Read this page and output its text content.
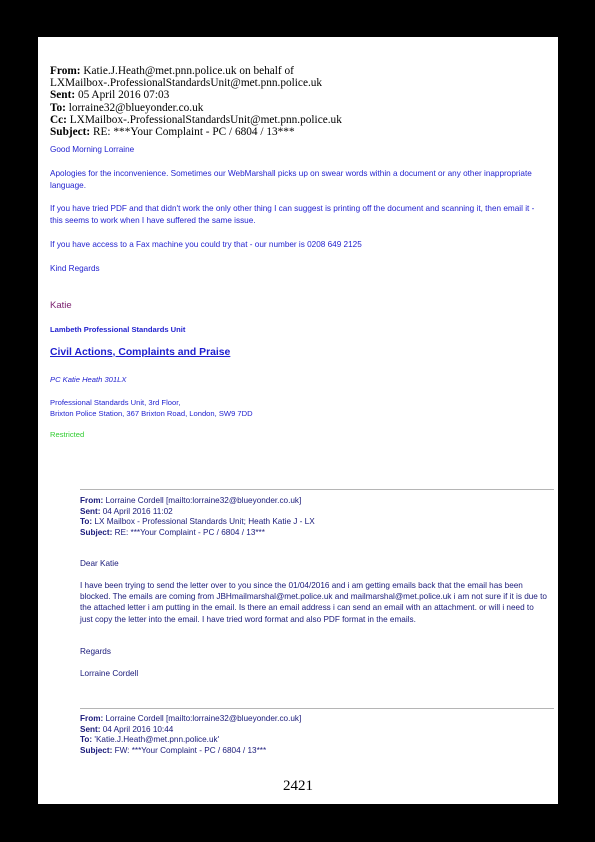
From: Katie.J.Heath@met.pnn.police.uk on behalf of
LXMailbox-.ProfessionalStandardsUnit@met.pnn.police.uk
Sent: 05 April 2016 07:03
To: lorraine32@blueyonder.co.uk
Cc: LXMailbox-.ProfessionalStandardsUnit@met.pnn.police.uk
Subject: RE: ***Your Complaint - PC / 6804 / 13***
Good Morning Lorraine
Apologies for the inconvenience. Sometimes our WebMarshall picks up on swear words within a document or any other inappropriate language.
If you have tried PDF and that didn't work the only other thing I can suggest is printing off the document and scanning it, then email it - this seems to work when I have suffered the same issue.
If you have access to a Fax machine you could try that - our number is 0208 649 2125
Kind Regards
Katie
Lambeth Professional Standards Unit
Civil Actions, Complaints and Praise
PC Katie Heath 301LX
Professional Standards Unit, 3rd Floor,
Brixton Police Station, 367 Brixton Road, London, SW9 7DD
Restricted
From: Lorraine Cordell [mailto:lorraine32@blueyonder.co.uk]
Sent: 04 April 2016 11:02
To: LX Mailbox - Professional Standards Unit; Heath Katie J - LX
Subject: RE: ***Your Complaint - PC / 6804 / 13***
Dear Katie
I have been trying to send the letter over to you since the 01/04/2016 and i am getting emails back that the email has been blocked. The emails are coming from JBHmailmarshal@met.police.uk and mailmarshal@met.police.uk i am not sure if it is due to the attached letter i am putting in the email. Is there an email address i can send an email with an attachment. or will i need to just copy the letter into the email. I have tried word format and also PDF format in the emails.
Regards
Lorraine Cordell
From: Lorraine Cordell [mailto:lorraine32@blueyonder.co.uk]
Sent: 04 April 2016 10:44
To: 'Katie.J.Heath@met.pnn.police.uk'
Subject: FW: ***Your Complaint - PC / 6804 / 13***
2421
